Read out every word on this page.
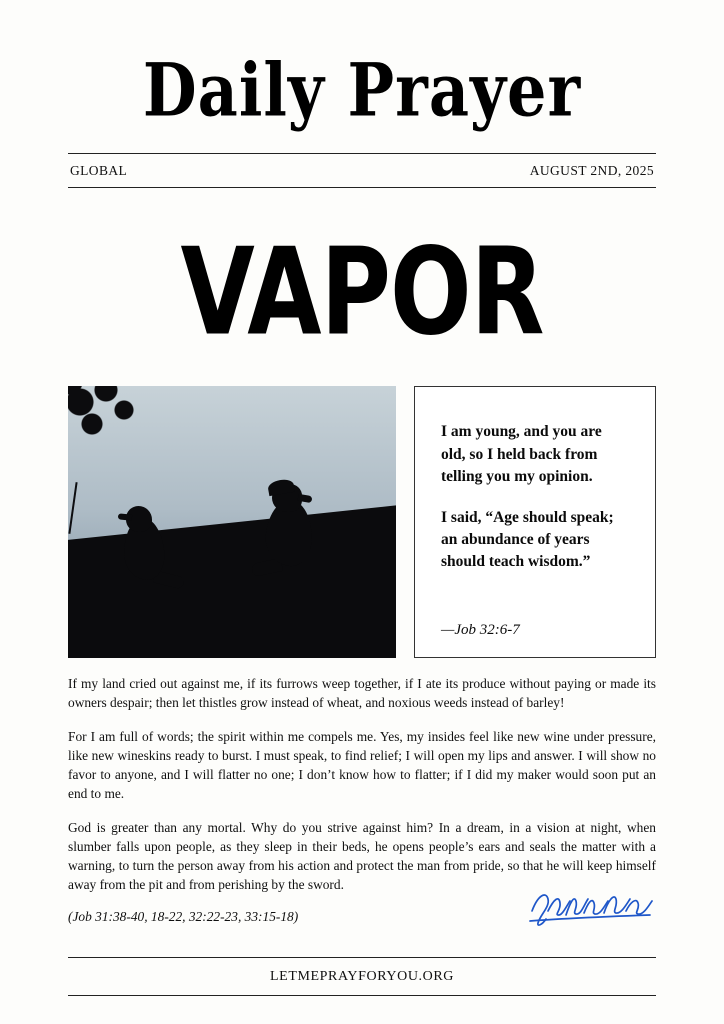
Daily Prayer
GLOBAL	AUGUST 2ND, 2025
VAPOR

I am young, and you are old, so I held back from telling you my opinion.

I said, “Age should speak; an abundance of years should teach wisdom.”

—Job 32:6-7

If my land cried out against me, if its furrows weep together, if I ate its produce without paying or made its owners despair; then let thistles grow instead of wheat, and noxious weeds instead of barley!

For I am full of words; the spirit within me compels me. Yes, my insides feel like new wine under pressure, like new wineskins ready to burst. I must speak, to find relief; I will open my lips and answer. I will show no favor to anyone, and I will flatter no one; I don’t know how to flatter; if I did my maker would soon put an end to me.

God is greater than any mortal. Why do you strive against him? In a dream, in a vision at night, when slumber falls upon people, as they sleep in their beds, he opens people’s ears and seals the matter with a warning, to turn the person away from his action and protect the man from pride, so that he will keep himself away from the pit and from perishing by the sword.

(Job 31:38-40, 18-22, 32:22-23, 33:15-18)
LETMEPRAYFORYOU.ORG
